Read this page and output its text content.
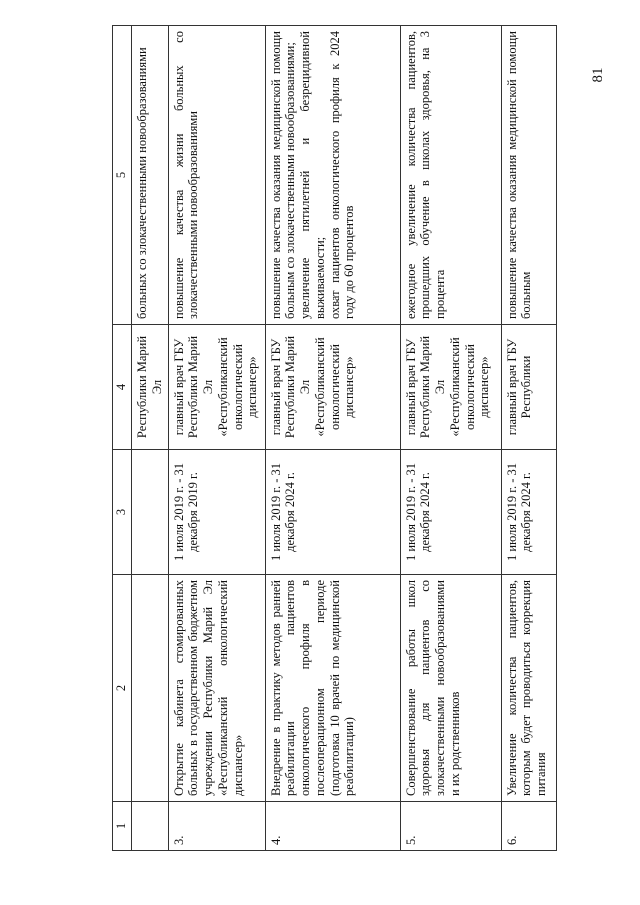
81
1	2	3	4	5
			Республики Марий Эл	больных со злокачественными новообразованиями
3.	Открытие кабинета стомированных больных в государственном бюджетном учреждении Республики Марий Эл «Республиканский онкологический диспансер»	1 июля 2019 г. - 31 декабря 2019 г.	главный врач ГБУ Республики Марий Эл «Республиканский онкологический диспансер»	повышение качества жизни больных со злокачественными новообразованиями
4.	Внедрение в практику методов ранней реабилитации пациентов онкологического профиля в послеоперационном периоде (подготовка 10 врачей по медицинской реабилитации)	1 июля 2019 г. - 31 декабря 2024 г.	главный врач ГБУ Республики Марий Эл «Республиканский онкологический диспансер»	повышение качества оказания медицинской помощи больным со злокачественными новообразованиями; увеличение пятилетней и безрецидивной выживаемости; охват пациентов онкологического профиля к 2024 году до 60 процентов

5.	Совершенствование работы школ здоровья для пациентов со злокачественными новообразованиями и их родственников	1 июля 2019 г. - 31 декабря 2024 г.	главный врач ГБУ Республики Марий Эл «Республиканский онкологический диспансер»	ежегодное увеличение количества пациентов, прошедших обучение в школах здоровья, на 3 процента
6.	Увеличение количества пациентов, которым будет проводиться коррекция питания	1 июля 2019 г. - 31 декабря 2024 г.	главный врач ГБУ Республики	повышение качества оказания медицинской помощи больным
